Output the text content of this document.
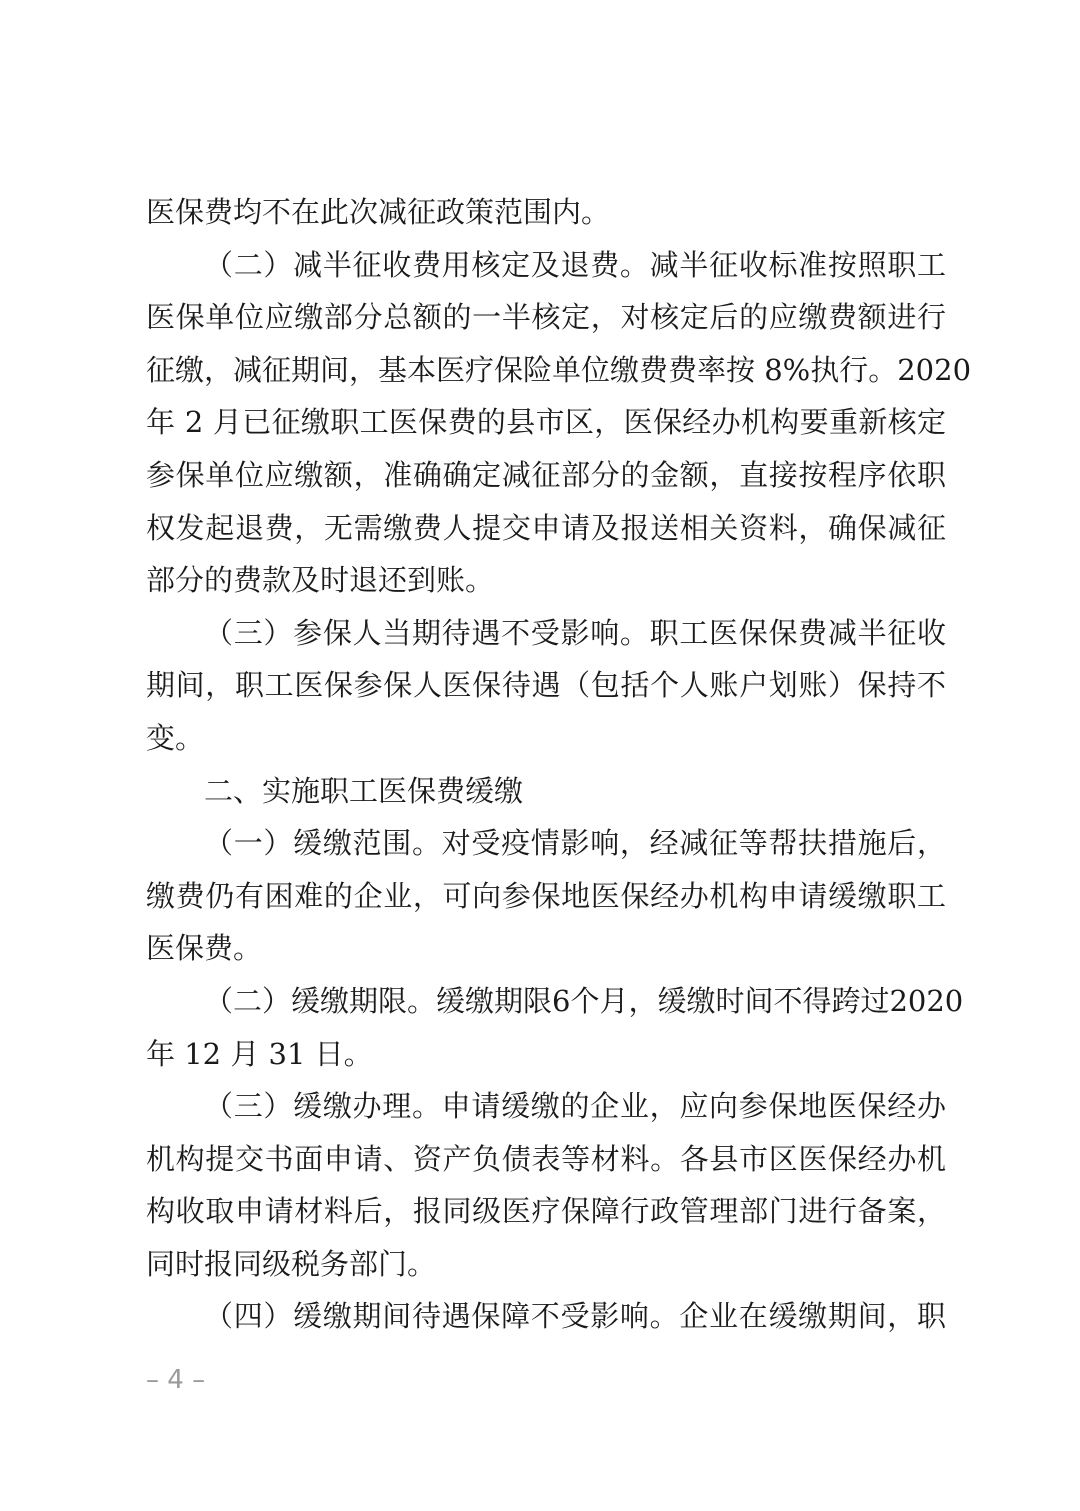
医保费均不在此次减征政策范围内。
（二）减半征收费用核定及退费。减半征收标准按照职工
医保单位应缴部分总额的一半核定，对核定后的应缴费额进行
征缴，减征期间，基本医疗保险单位缴费费率按 8%执行。2020
年 2 月已征缴职工医保费的县市区，医保经办机构要重新核定
参保单位应缴额，准确确定减征部分的金额，直接按程序依职
权发起退费，无需缴费人提交申请及报送相关资料，确保减征
部分的费款及时退还到账。
（三）参保人当期待遇不受影响。职工医保保费减半征收
期间，职工医保参保人医保待遇（包括个人账户划账）保持不
变。
二、实施职工医保费缓缴
（一）缓缴范围。对受疫情影响，经减征等帮扶措施后，
缴费仍有困难的企业，可向参保地医保经办机构申请缓缴职工
医保费。
（二）缓缴期限。缓缴期限6个月，缓缴时间不得跨过2020
年 12 月 31 日。
（三）缓缴办理。申请缓缴的企业，应向参保地医保经办
机构提交书面申请、资产负债表等材料。各县市区医保经办机
构收取申请材料后，报同级医疗保障行政管理部门进行备案，
同时报同级税务部门。
（四）缓缴期间待遇保障不受影响。企业在缓缴期间，职
– 4 –
